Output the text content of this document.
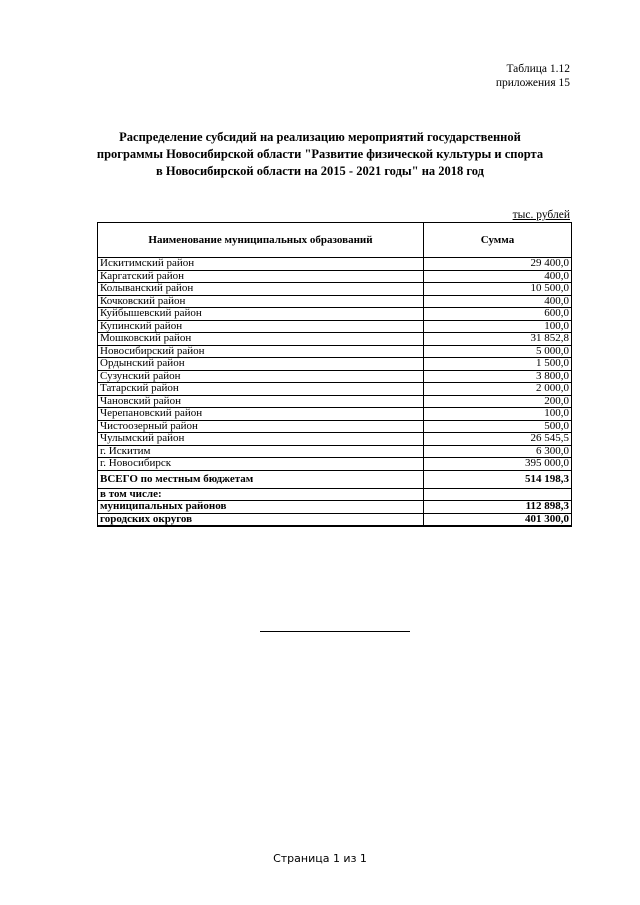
Таблица 1.12
приложения 15
Распределение субсидий на реализацию мероприятий государственной
программы Новосибирской области "Развитие физической культуры и спорта
в Новосибирской области на 2015 - 2021 годы" на 2018 год
тыс. рублей
Наименование муниципальных образований	Сумма
Искитимский район	29 400,0
Каргатский район	400,0
Колыванский район	10 500,0
Кочковский район	400,0
Куйбышевский район	600,0
Купинский район	100,0
Мошковский район	31 852,8
Новосибирский район	5 000,0
Ордынский район	1 500,0
Сузунский район	3 800,0
Татарский район	2 000,0
Чановский район	200,0
Черепановский район	100,0
Чистоозерный район	500,0
Чулымский район	26 545,5
г. Искитим	6 300,0
г. Новосибирск	395 000,0
ВСЕГО по местным бюджетам	514 198,3
в том числе:	
муниципальных районов	112 898,3
городских округов	401 300,0
Страница 1 из 1
